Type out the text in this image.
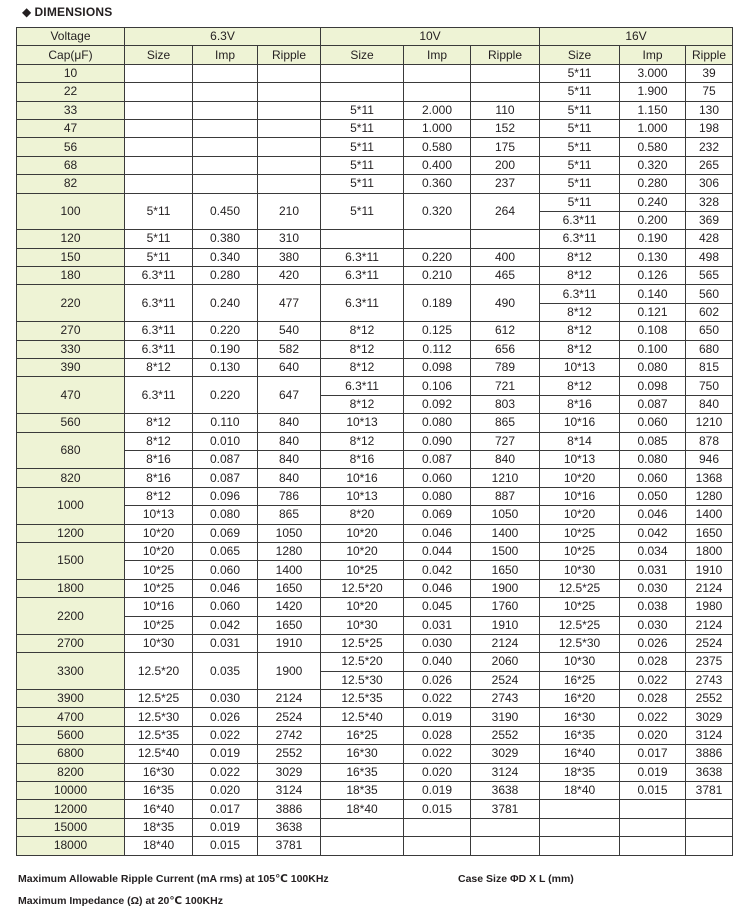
◆ DIMENSIONS
Voltage	6.3V			10V			16V		
Cap(μF)	Size	Imp	Ripple	Size	Imp	Ripple	Size	Imp	Ripple
10							5*11	3.000	39
22							5*11	1.900	75
33				5*11	2.000	110	5*11	1.150	130
47				5*11	1.000	152	5*11	1.000	198
56				5*11	0.580	175	5*11	0.580	232
68				5*11	0.400	200	5*11	0.320	265
82				5*11	0.360	237	5*11	0.280	306
100	5*11	0.450	210	5*11	0.320	264	5*11	0.240	328
							6.3*11	0.200	369
120	5*11	0.380	310				6.3*11	0.190	428
150	5*11	0.340	380	6.3*11	0.220	400	8*12	0.130	498
180	6.3*11	0.280	420	6.3*11	0.210	465	8*12	0.126	565
220	6.3*11	0.240	477	6.3*11	0.189	490	6.3*11	0.140	560
							8*12	0.121	602
270	6.3*11	0.220	540	8*12	0.125	612	8*12	0.108	650
330	6.3*11	0.190	582	8*12	0.112	656	8*12	0.100	680
390	8*12	0.130	640	8*12	0.098	789	10*13	0.080	815
470	6.3*11	0.220	647	6.3*11	0.106	721	8*12	0.098	750
				8*12	0.092	803	8*16	0.087	840
560	8*12	0.110	840	10*13	0.080	865	10*16	0.060	1210
680	8*12	0.010	840	8*12	0.090	727	8*14	0.085	878
	8*16	0.087	840	8*16	0.087	840	10*13	0.080	946
820	8*16	0.087	840	10*16	0.060	1210	10*20	0.060	1368
1000	8*12	0.096	786	10*13	0.080	887	10*16	0.050	1280
	10*13	0.080	865	8*20	0.069	1050	10*20	0.046	1400
1200	10*20	0.069	1050	10*20	0.046	1400	10*25	0.042	1650
1500	10*20	0.065	1280	10*20	0.044	1500	10*25	0.034	1800
	10*25	0.060	1400	10*25	0.042	1650	10*30	0.031	1910
1800	10*25	0.046	1650	12.5*20	0.046	1900	12.5*25	0.030	2124
2200	10*16	0.060	1420	10*20	0.045	1760	10*25	0.038	1980
	10*25	0.042	1650	10*30	0.031	1910	12.5*25	0.030	2124
2700	10*30	0.031	1910	12.5*25	0.030	2124	12.5*30	0.026	2524
3300	12.5*20	0.035	1900	12.5*20	0.040	2060	10*30	0.028	2375
				12.5*30	0.026	2524	16*25	0.022	2743
3900	12.5*25	0.030	2124	12.5*35	0.022	2743	16*20	0.028	2552
4700	12.5*30	0.026	2524	12.5*40	0.019	3190	16*30	0.022	3029
5600	12.5*35	0.022	2742	16*25	0.028	2552	16*35	0.020	3124
6800	12.5*40	0.019	2552	16*30	0.022	3029	16*40	0.017	3886
8200	16*30	0.022	3029	16*35	0.020	3124	18*35	0.019	3638
10000	16*35	0.020	3124	18*35	0.019	3638	18*40	0.015	3781
12000	16*40	0.017	3886	18*40	0.015	3781			
15000	18*35	0.019	3638						
18000	18*40	0.015	3781						
Maximum Allowable Ripple Current (mA rms) at 105℃ 100KHz	Case Size ΦD X L (mm)
Maximum Impedance (Ω) at 20℃ 100KHz
